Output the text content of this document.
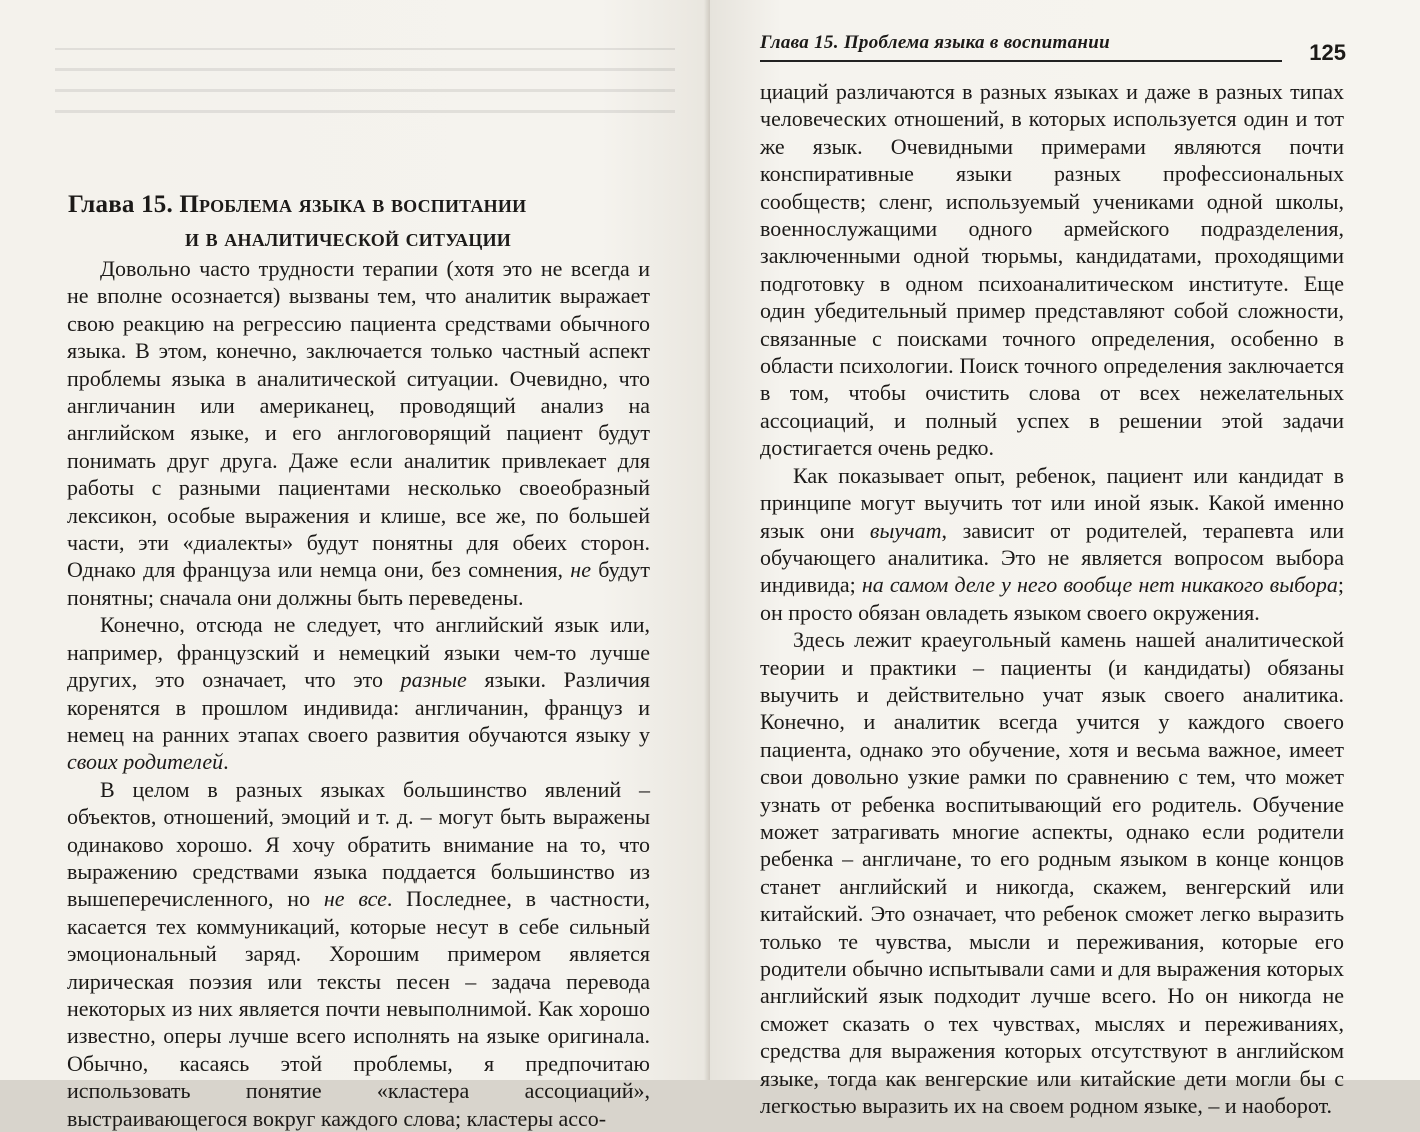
Глава 15. Проблема языка в воспитании
и в аналитической ситуации

Довольно часто трудности терапии (хотя это не всегда и не вполне осознается) вызваны тем, что аналитик выражает свою реакцию на регрессию пациента средствами обычного языка. В этом, конечно, заключается только частный аспект проблемы языка в аналитической ситуации. Очевидно, что англичанин или американец, проводящий анализ на английском языке, и его англоговорящий пациент будут понимать друг друга. Даже если аналитик привлекает для работы с разными пациентами несколько своеобразный лексикон, особые выражения и клише, все же, по большей части, эти «диалекты» будут понятны для обеих сторон. Однако для француза или немца они, без сомнения, не будут понятны; сначала они должны быть переведены.

Конечно, отсюда не следует, что английский язык или, например, французский и немецкий языки чем-то лучше других, это означает, что это разные языки. Различия коренятся в прошлом индивида: англичанин, француз и немец на ранних этапах своего развития обучаются языку у своих родителей.

В целом в разных языках большинство явлений – объектов, отношений, эмоций и т. д. – могут быть выражены одинаково хорошо. Я хочу обратить внимание на то, что выражению средствами языка поддается большинство из вышеперечисленного, но не все. Последнее, в частности, касается тех коммуникаций, которые несут в себе сильный эмоциональный заряд. Хорошим примером является лирическая поэзия или тексты песен – задача перевода некоторых из них является почти невыполнимой. Как хорошо известно, оперы лучше всего исполнять на языке оригинала. Обычно, касаясь этой проблемы, я предпочитаю использовать понятие «кластера ассоциаций», выстраивающегося вокруг каждого слова; кластеры ассо-

Глава 15. Проблема языка в воспитании	125

циаций различаются в разных языках и даже в разных типах человеческих отношений, в которых используется один и тот же язык. Очевидными примерами являются почти конспиративные языки разных профессиональных сообществ; сленг, используемый учениками одной школы, военнослужащими одного армейского подразделения, заключенными одной тюрьмы, кандидатами, проходящими подготовку в одном психоаналитическом институте. Еще один убедительный пример представляют собой сложности, связанные с поисками точного определения, особенно в области психологии. Поиск точного определения заключается в том, чтобы очистить слова от всех нежелательных ассоциаций, и полный успех в решении этой задачи достигается очень редко.

Как показывает опыт, ребенок, пациент или кандидат в принципе могут выучить тот или иной язык. Какой именно язык они выучат, зависит от родителей, терапевта или обучающего аналитика. Это не является вопросом выбора индивида; на самом деле у него вообще нет никакого выбора; он просто обязан овладеть языком своего окружения.

Здесь лежит краеугольный камень нашей аналитической теории и практики – пациенты (и кандидаты) обязаны выучить и действительно учат язык своего аналитика. Конечно, и аналитик всегда учится у каждого своего пациента, однако это обучение, хотя и весьма важное, имеет свои довольно узкие рамки по сравнению с тем, что может узнать от ребенка воспитывающий его родитель. Обучение может затрагивать многие аспекты, однако если родители ребенка – англичане, то его родным языком в конце концов станет английский и никогда, скажем, венгерский или китайский. Это означает, что ребенок сможет легко выразить только те чувства, мысли и переживания, которые его родители обычно испытывали сами и для выражения которых английский язык подходит лучше всего. Но он никогда не сможет сказать о тех чувствах, мыслях и переживаниях, средства для выражения которых отсутствуют в английском языке, тогда как венгерские или китайские дети могли бы с легкостью выразить их на своем родном языке, – и наоборот.
